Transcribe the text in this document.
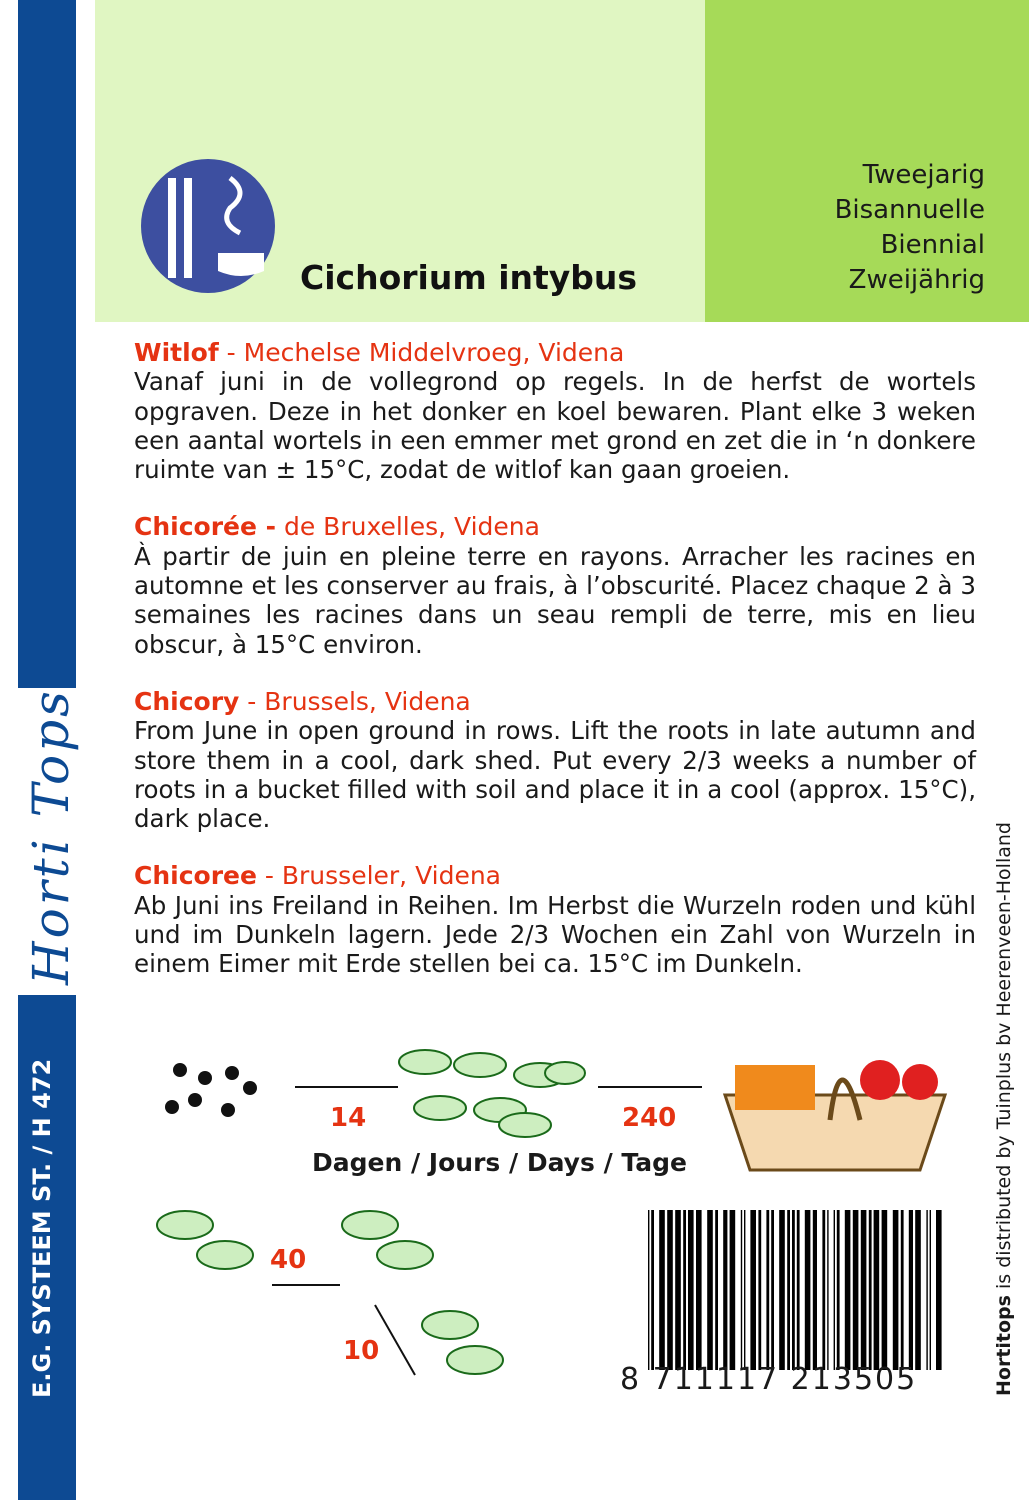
Horti Tops
E.G. SYSTEEM ST. / H 472	Hortitops is distributed by Tuinplus bv Heerenveen-Holland
Cichorium intybus
Tweejarig
Bisannuelle
Biennial
Zweijährig
Witlof - Mechelse Middelvroeg, Videna

Vanaf juni in de vollegrond op regels. In de herfst de wortels opgraven. Deze in het donker en koel bewaren. Plant elke 3 weken een aantal wortels in een emmer met grond en zet die in ‘n donkere ruimte van ± 15°C, zodat de witlof kan gaan groeien.

Chicorée - de Bruxelles, Videna

À partir de juin en pleine terre en rayons. Arracher les racines en automne et les conserver au frais, à l’obscurité. Placez chaque 2 à 3 semaines les racines dans un seau rempli de terre, mis en lieu obscur, à 15°C environ.

Chicory - Brussels, Videna

From June in open ground in rows. Lift the roots in late autumn and store them in a cool, dark shed. Put every 2/3 weeks a number of roots in a bucket filled with soil and place it in a cool (approx. 15°C), dark place.

Chicoree - Brusseler, Videna

Ab Juni ins Freiland in Reihen. Im Herbst die Wurzeln roden und kühl und im Dunkeln lagern. Jede 2/3 Wochen ein Zahl von Wurzeln in einem Eimer mit Erde stellen bei ca. 15°C im Dunkeln.

14	240
Dagen / Jours / Days / Tage
40
10
8 711117 213505
